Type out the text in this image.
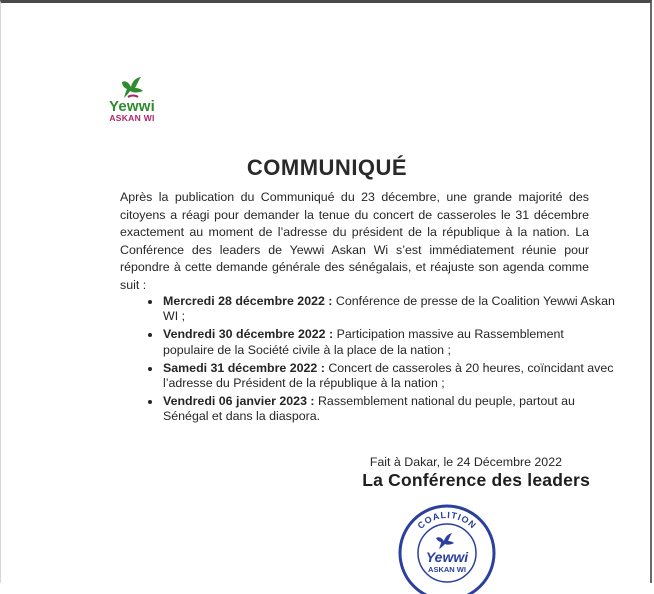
Yewwi
ASKAN WI
COMMUNIQUÉ
Après la publication du Communiqué du 23 décembre, une grande majorité des citoyens a réagi pour demander la tenue du concert de casseroles le 31 décembre exactement au moment de l’adresse du président de la république à la nation. La Conférence des leaders de Yewwi Askan Wi s’est immédiatement réunie pour répondre à cette demande générale des sénégalais, et réajuste son agenda comme suit :
Mercredi 28 décembre 2022 : Conférence de presse de la Coalition Yewwi Askan WI ;
Vendredi 30 décembre 2022 : Participation massive au Rassemblement populaire de la Société civile à la place de la nation ;
Samedi 31 décembre 2022 : Concert de casseroles à 20 heures, coïncidant avec l’adresse du Président de la république à la nation ;
Vendredi 06 janvier 2023 : Rassemblement national du peuple, partout au Sénégal et dans la diaspora.
Fait à Dakar, le 24 Décembre 2022
La Conférence des leaders
COALITION
Yewwi
ASKAN WI
